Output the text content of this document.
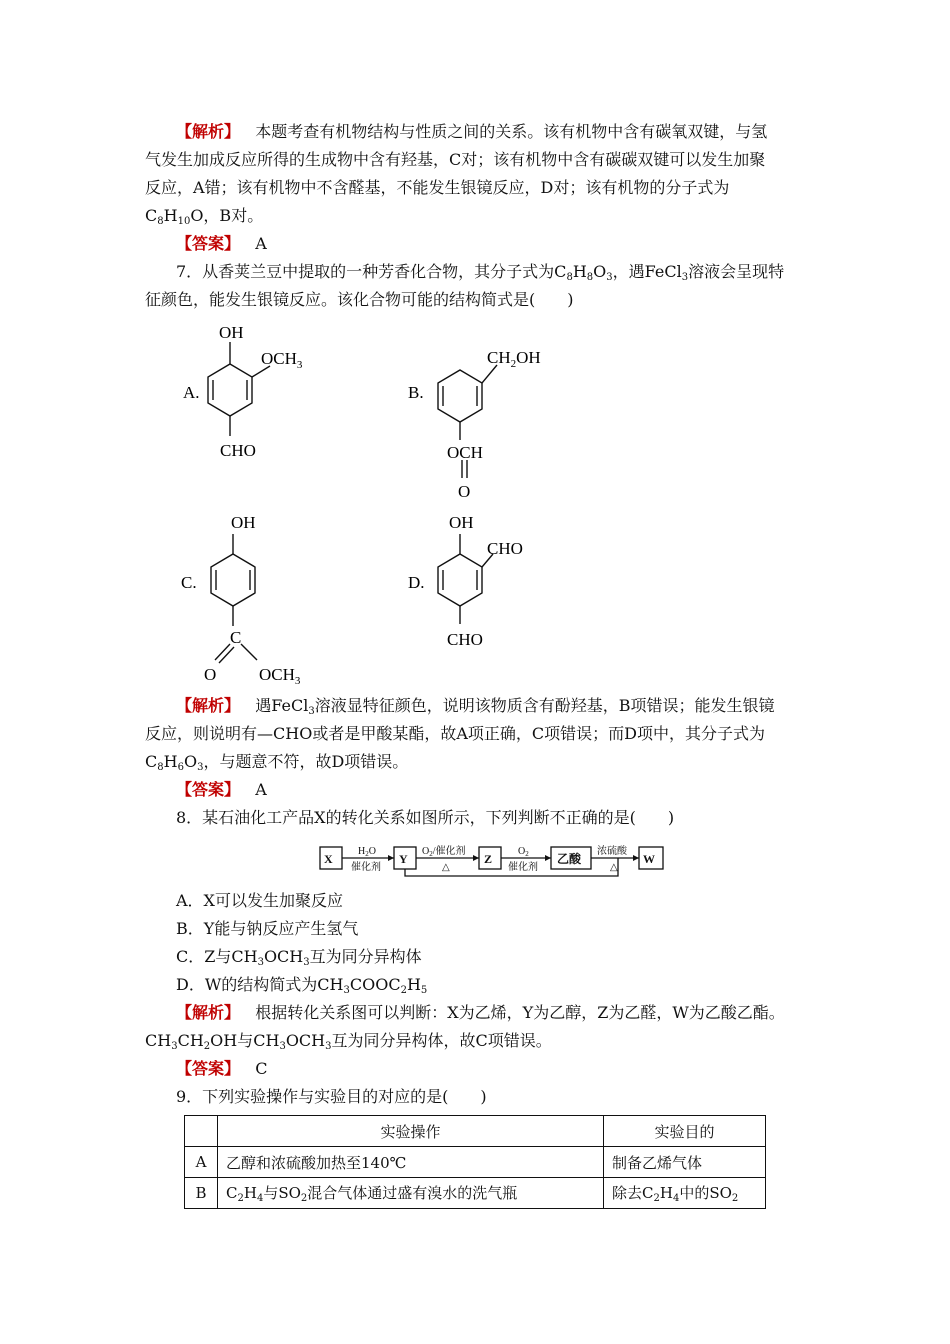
【解析】 本题考查有机物结构与性质之间的关系。该有机物中含有碳氧双键，与氢
气发生加成反应所得的生成物中含有羟基，C对；该有机物中含有碳碳双键可以发生加聚
反应，A错；该有机物中不含醛基，不能发生银镜反应，D对；该有机物的分子式为
$C_8H_{10}O$，B对。
【答案】 A
7．从香荚兰豆中提取的一种芳香化合物，其分子式为$C_8H_8O_3$，遇FeCl$_3$溶液会呈现特
征颜色，能发生银镜反应。该化合物可能的结构简式是(　　)
A.
OH
$OCH_3$
CHO
B.
$CH_2OH$
OCH
O
C.
OH
C
O	$OCH_3$
D.
OH
CHO
CHO
【解析】 遇FeCl$_3$溶液显特征颜色，说明该物质含有酚羟基，B项错误；能发生银镜
反应，则说明有—CHO或者是甲酸某酯，故A项正确，C项错误；而D项中，其分子式为
$C_8H_6O_3$，与题意不符，故D项错误。
【答案】 A
8．某石油化工产品X的转化关系如图所示，下列判断不正确的是(　　)
X	Y	Z	乙酸	W
$H_2O$
催化剂
$O_2/$催化剂
△
$O_2$
催化剂
浓硫酸
△
A．X可以发生加聚反应
B．Y能与钠反应产生氢气
C．Z与$CH_3OCH_3$互为同分异构体
D．W的结构简式为$CH_3COOC_2H_5$
【解析】 根据转化关系图可以判断：X为乙烯，Y为乙醇，Z为乙醛，W为乙酸乙酯。
$CH_3CH_2OH$与$CH_3OCH_3$互为同分异构体，故C项错误。
【答案】 C
9．下列实验操作与实验目的对应的是(　　)
	实验操作	实验目的
A	乙醇和浓硫酸加热至140℃	制备乙烯气体
B	$C_2H_4$与$SO_2$混合气体通过盛有溴水的洗气瓶	除去$C_2H_4$中的$SO_2$
